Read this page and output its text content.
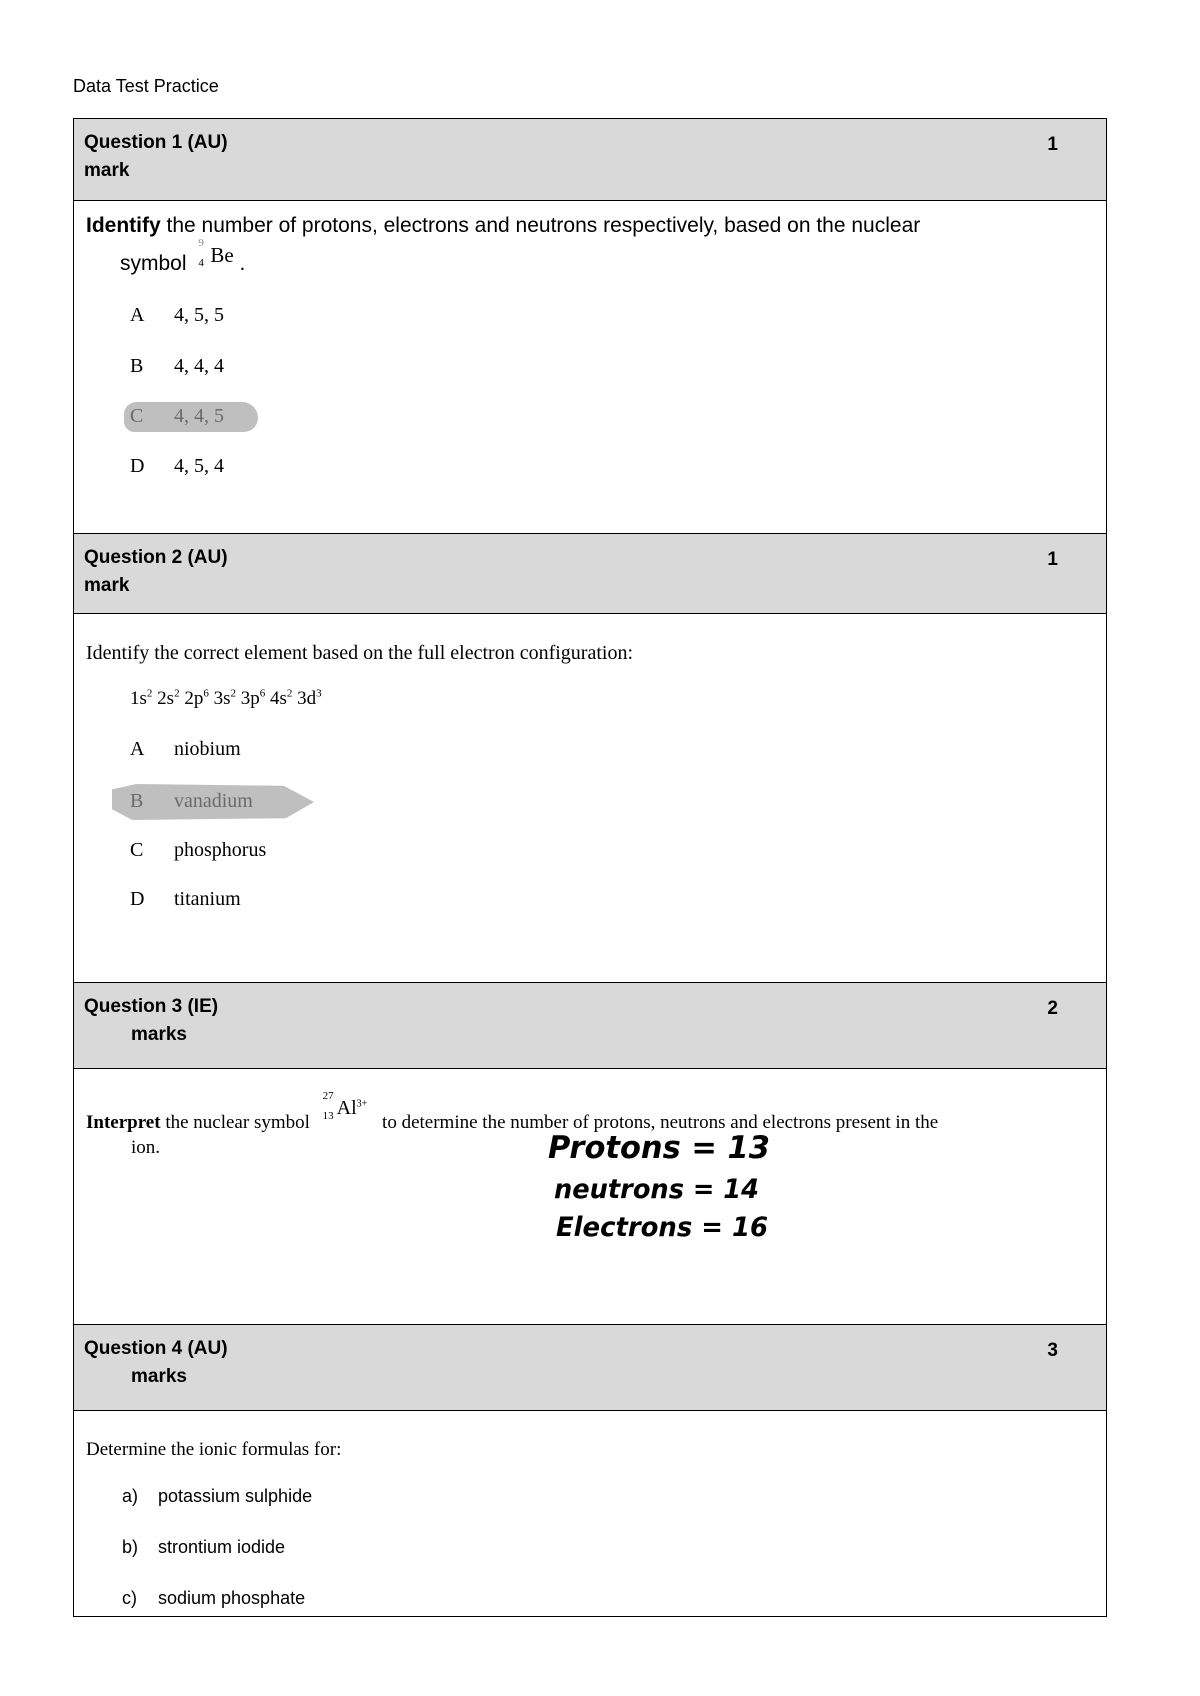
Data Test Practice
Question 1 (AU)	1
mark
Identify the number of protons, electrons and neutrons respectively, based on the nuclear
symbol
9
4 Be .
A 4, 5, 5
B 4, 4, 4
C 4, 4, 5
D 4, 5, 4
Question 2 (AU)	1
mark
Identify the correct element based on the full electron configuration:
$1s^2$ $2s^2$ $2p^6$ $3s^2$ $3p^6$ $4s^2$ $3d^3$
A niobium
B vanadium
C phosphorus
D titanium
Question 3 (IE)	2
marks
Interpret the nuclear symbol
27
13 $Al^{3+}$ to determine the number of protons, neutrons and electrons present in the
ion.	Protons = 13
neutrons = 14
Electrons = 16
Question 4 (AU)	3
marks
Determine the ionic formulas for:
a) potassium sulphide
b) strontium iodide
c) sodium phosphate
